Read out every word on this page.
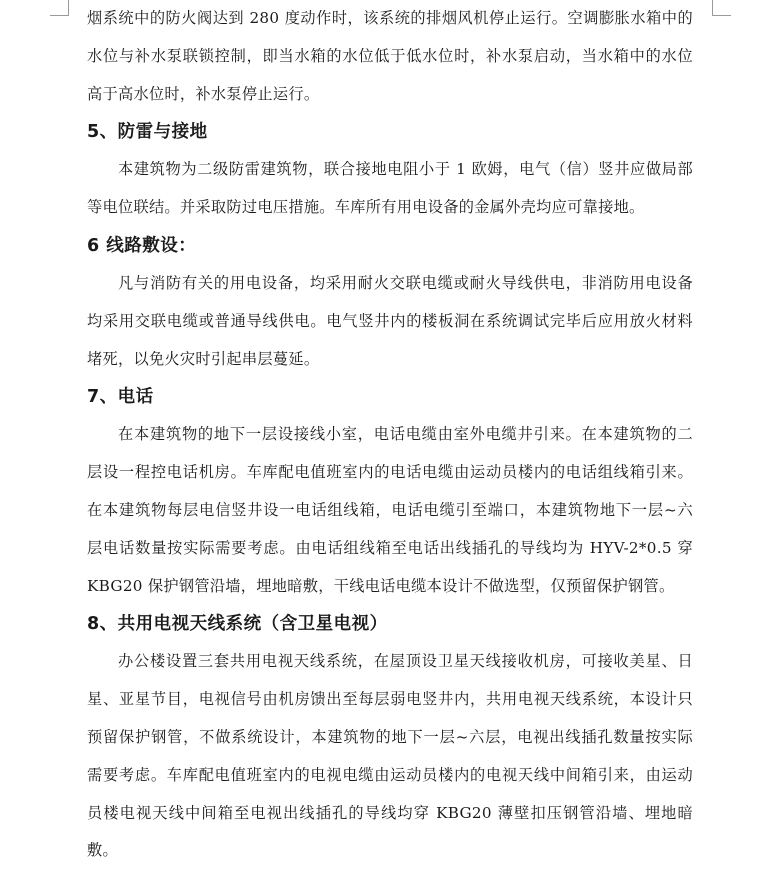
烟系统中的防火阀达到 280 度动作时，该系统的排烟风机停止运行。空调膨胀水箱中的

水位与补水泵联锁控制，即当水箱的水位低于低水位时，补水泵启动，当水箱中的水位

高于高水位时，补水泵停止运行。

5、防雷与接地

本建筑物为二级防雷建筑物，联合接地电阻小于 1 欧姆，电气（信）竖井应做局部

等电位联结。并采取防过电压措施。车库所有用电设备的金属外壳均应可靠接地。

6 线路敷设：

凡与消防有关的用电设备，均采用耐火交联电缆或耐火导线供电，非消防用电设备

均采用交联电缆或普通导线供电。电气竖井内的楼板洞在系统调试完毕后应用放火材料

堵死，以免火灾时引起串层蔓延。

7、电话

在本建筑物的地下一层设接线小室，电话电缆由室外电缆井引来。在本建筑物的二

层设一程控电话机房。车库配电值班室内的电话电缆由运动员楼内的电话组线箱引来。

在本建筑物每层电信竖井设一电话组线箱，电话电缆引至端口，本建筑物地下一层~六

层电话数量按实际需要考虑。由电话组线箱至电话出线插孔的导线均为 HYV-2*0.5 穿

KBG20 保护钢管沿墙，埋地暗敷，干线电话电缆本设计不做选型，仅预留保护钢管。

8、共用电视天线系统（含卫星电视）

办公楼设置三套共用电视天线系统，在屋顶设卫星天线接收机房，可接收美星、日

星、亚星节目，电视信号由机房馈出至每层弱电竖井内，共用电视天线系统，本设计只

预留保护钢管，不做系统设计，本建筑物的地下一层~六层，电视出线插孔数量按实际

需要考虑。车库配电值班室内的电视电缆由运动员楼内的电视天线中间箱引来，由运动

员楼电视天线中间箱至电视出线插孔的导线均穿 KBG20 薄壁扣压钢管沿墙、埋地暗敷。
